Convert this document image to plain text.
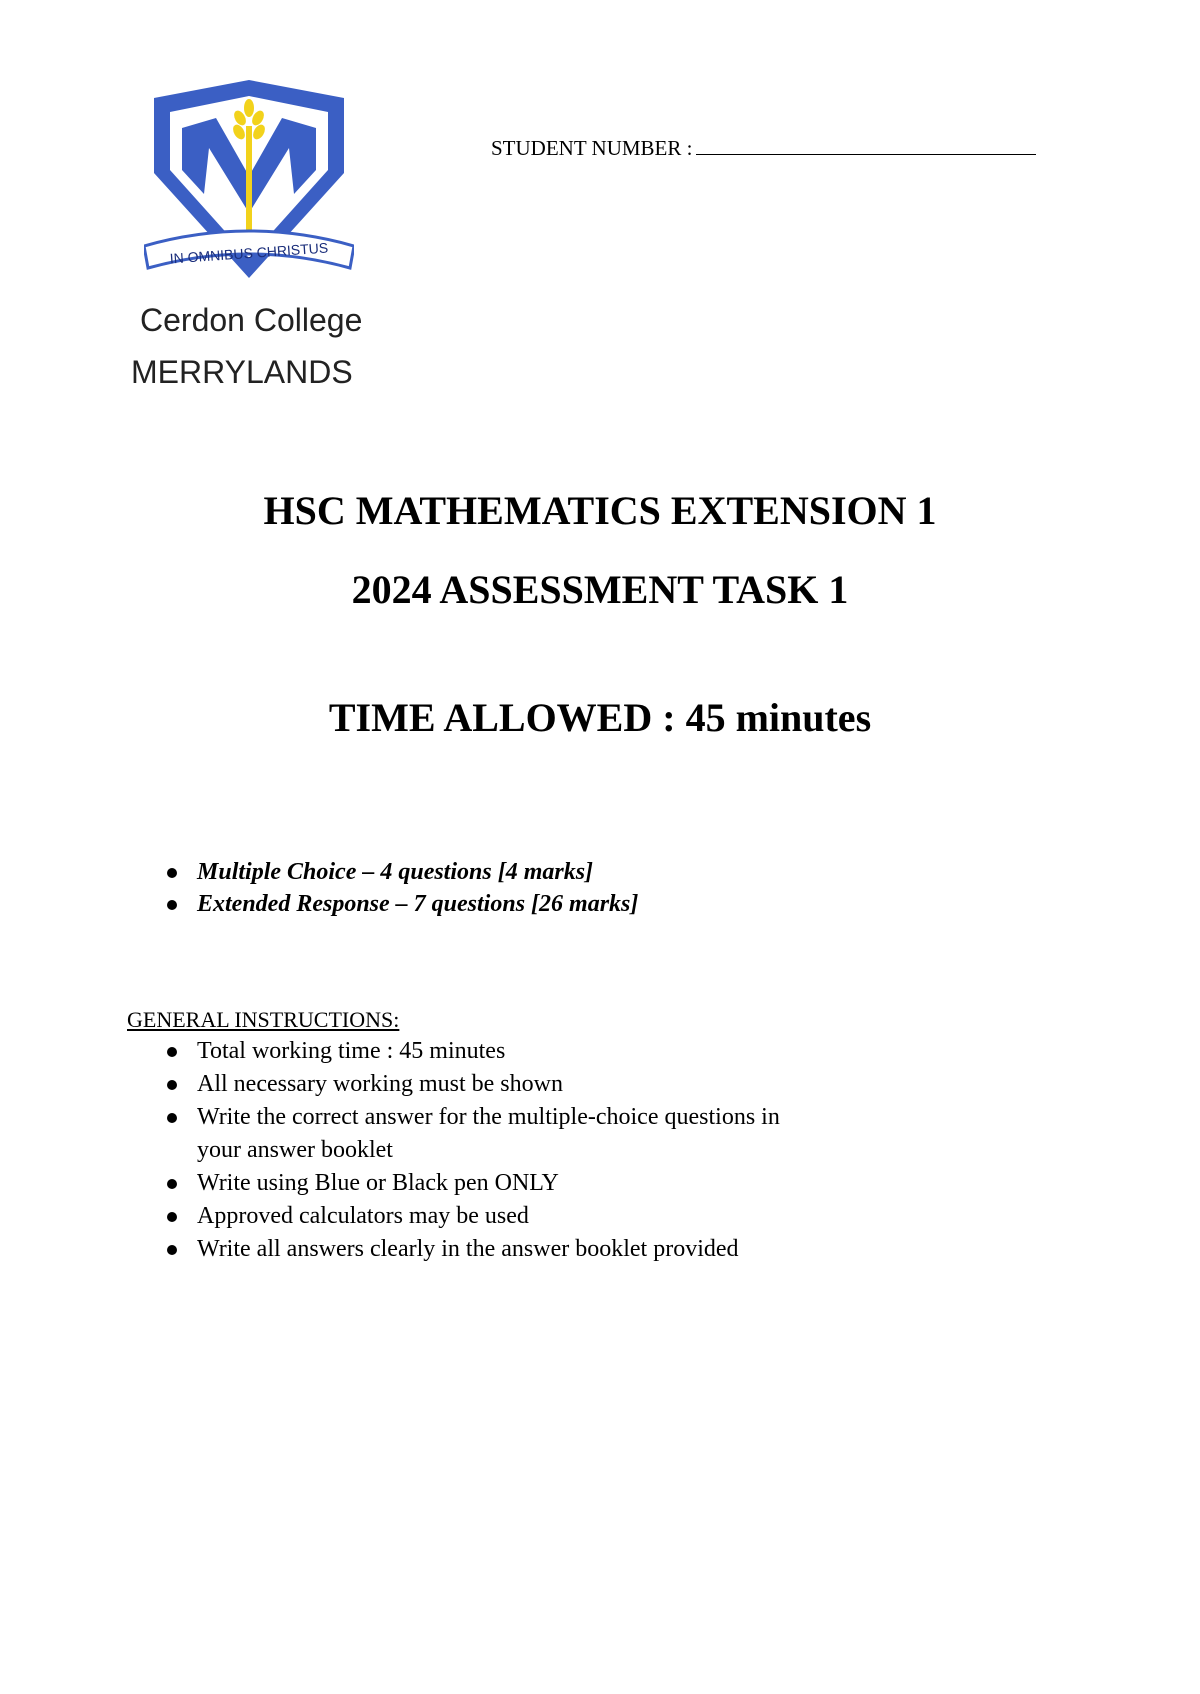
IN OMNIBUS CHRISTUS
Cerdon College
MERRYLANDS
STUDENT NUMBER :
HSC MATHEMATICS EXTENSION 1
2024 ASSESSMENT TASK 1
TIME ALLOWED : 45 minutes
Multiple Choice – 4 questions [4 marks]
Extended Response – 7 questions [26 marks]
GENERAL INSTRUCTIONS:
Total working time : 45 minutes
All necessary working must be shown
Write the correct answer for the multiple-choice questions in
your answer booklet
Write using Blue or Black pen ONLY
Approved calculators may be used
Write all answers clearly in the answer booklet provided
